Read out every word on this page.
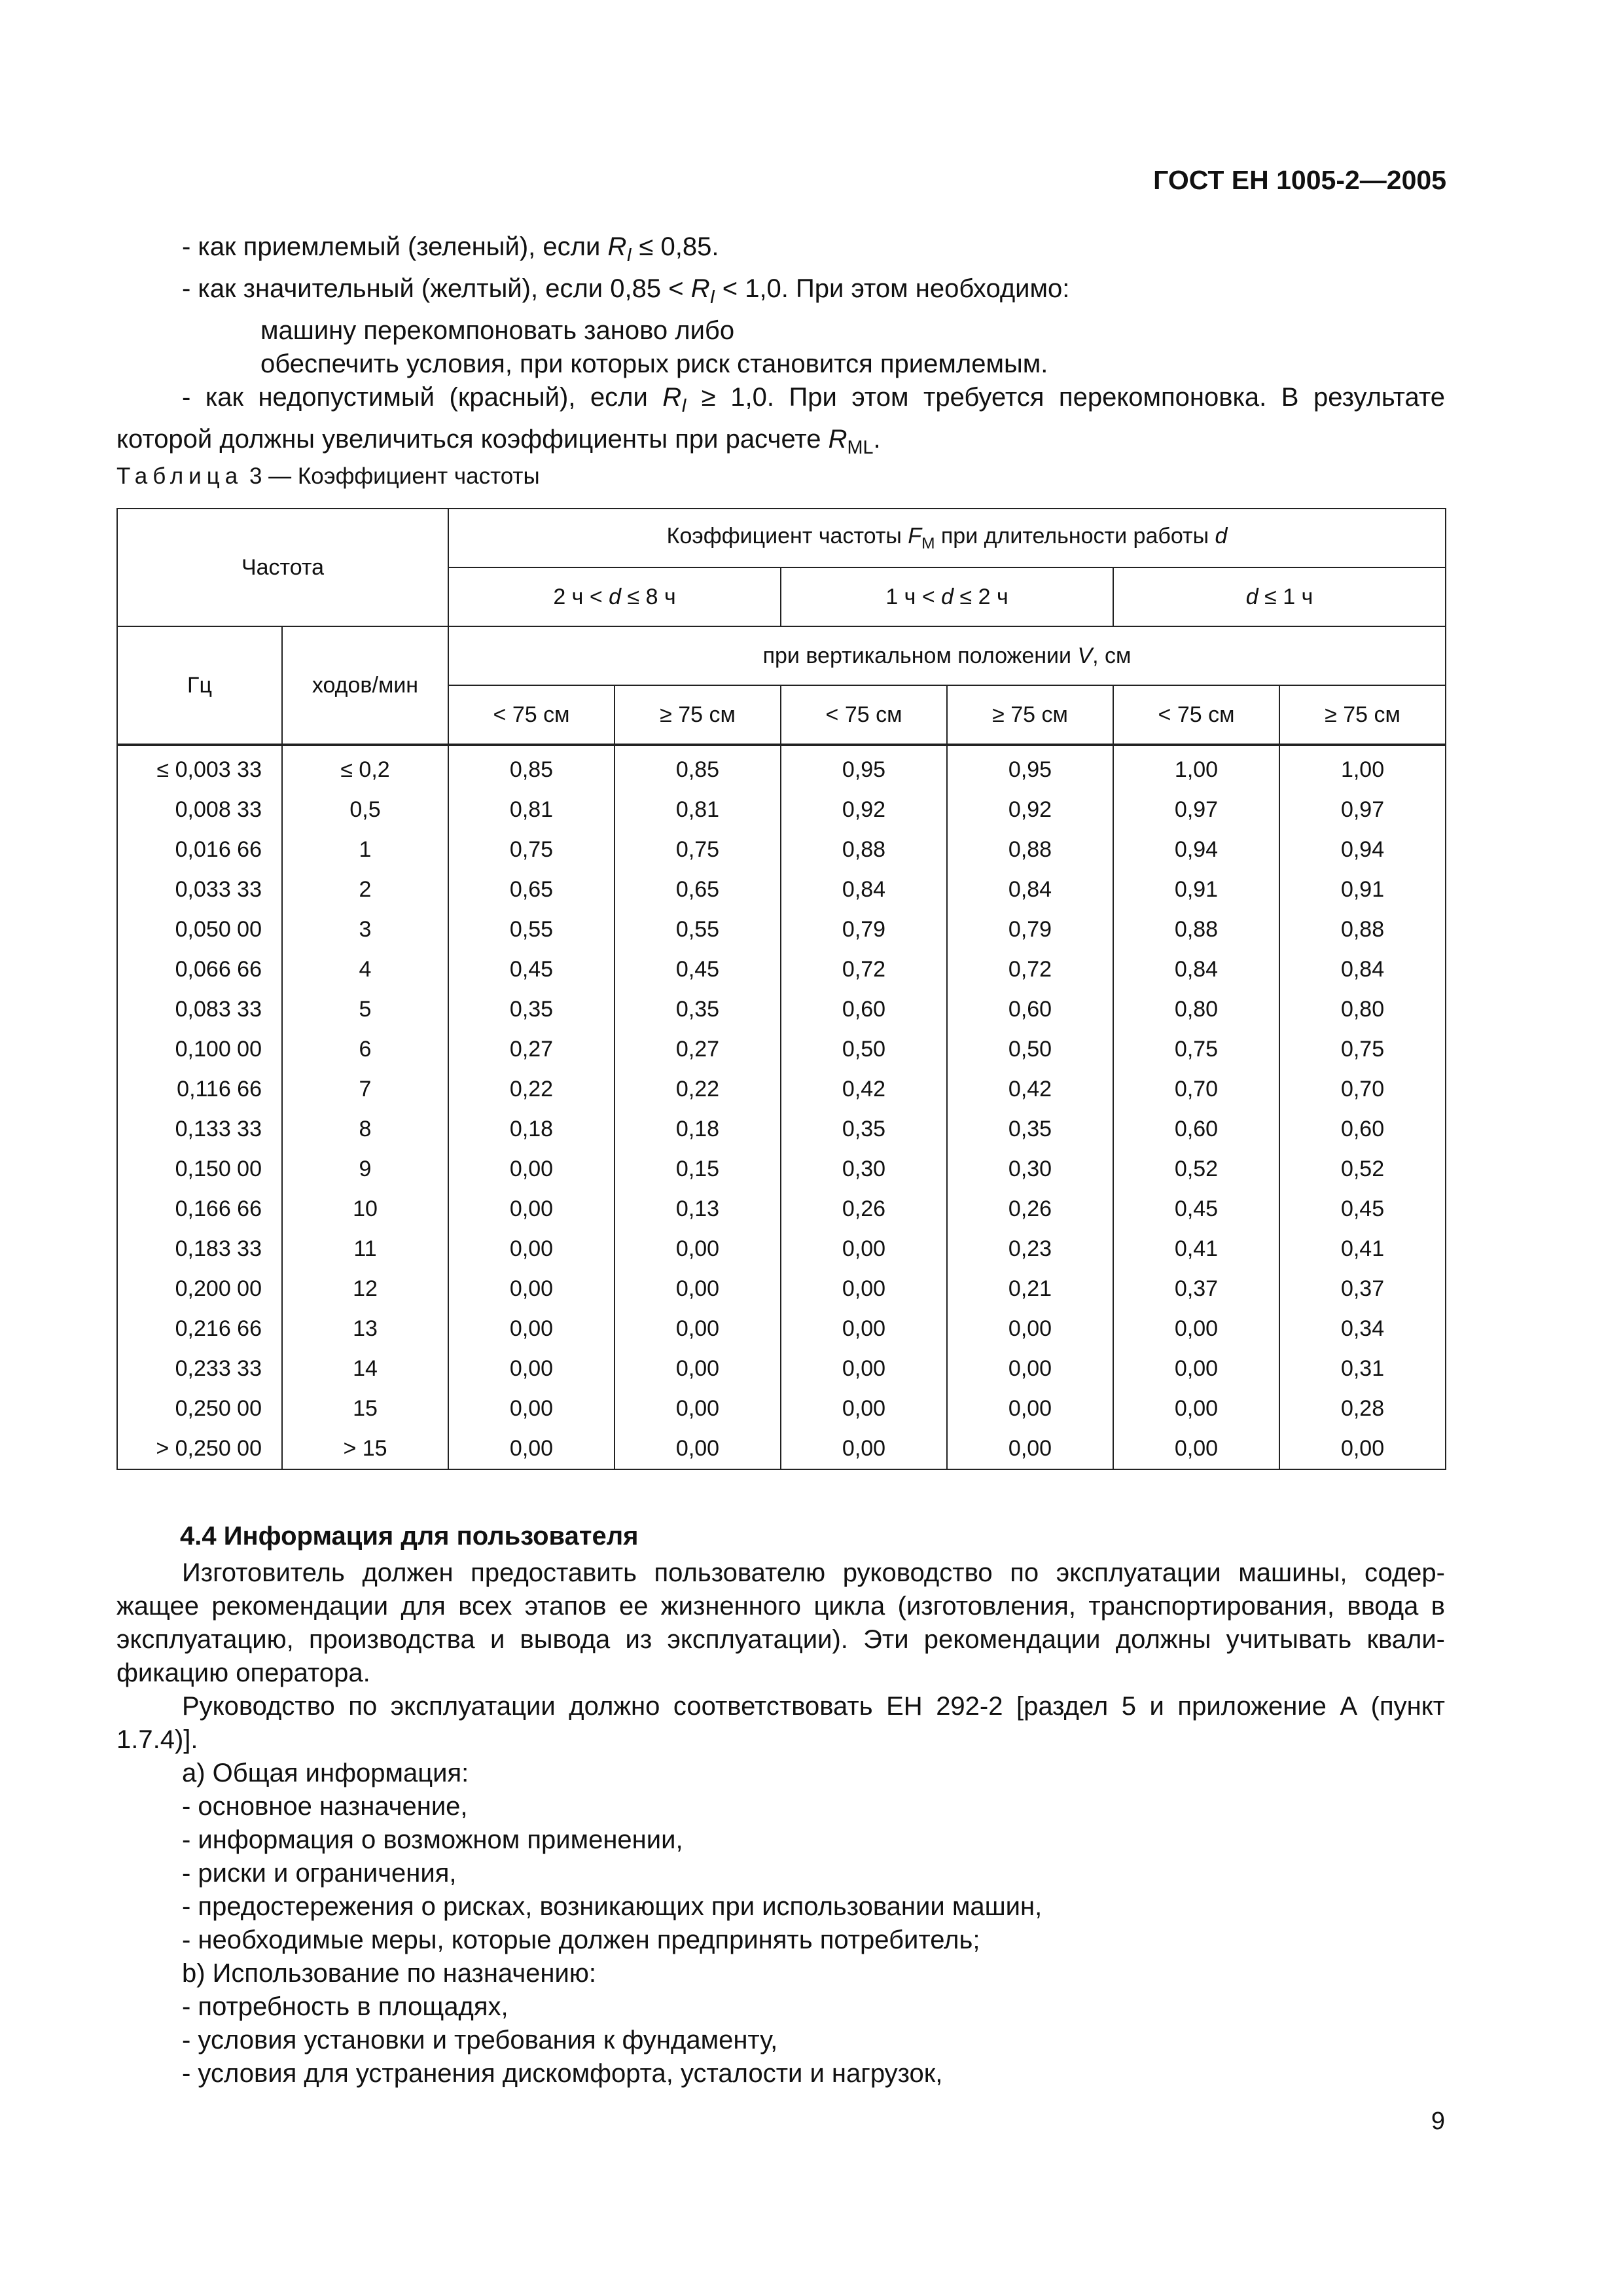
ГОСТ ЕН 1005-2—2005

- как приемлемый (зеленый), если $R_I \le 0,85$.

- как значительный (желтый), если $0,85 < R_I < 1,0$. При этом необходимо:

машину перекомпоновать заново либо

обеспечить условия, при которых риск становится приемлемым.

- как недопустимый (красный), если $R_I \ge 1,0$. При этом требуется перекомпоновка. В результате которой должны увеличиться коэффициенты при расчете $R_{ML}$.

Таблица 3 — Коэффициент частоты
Частота		Коэффициент частоты $F_M$ при длительности работы d					
		2 ч < d ≤ 8 ч		1 ч < d ≤ 2 ч		d ≤ 1 ч	
Гц	ходов/мин	при вертикальном положении V, см					
		< 75 см	≥ 75 см	< 75 см	≥ 75 см	< 75 см	≥ 75 см
≤ 0,003 33	≤ 0,2	0,85	0,85	0,95	0,95	1,00	1,00
0,008 33	0,5	0,81	0,81	0,92	0,92	0,97	0,97
0,016 66	1	0,75	0,75	0,88	0,88	0,94	0,94
0,033 33	2	0,65	0,65	0,84	0,84	0,91	0,91
0,050 00	3	0,55	0,55	0,79	0,79	0,88	0,88
0,066 66	4	0,45	0,45	0,72	0,72	0,84	0,84
0,083 33	5	0,35	0,35	0,60	0,60	0,80	0,80
0,100 00	6	0,27	0,27	0,50	0,50	0,75	0,75
0,116 66	7	0,22	0,22	0,42	0,42	0,70	0,70
0,133 33	8	0,18	0,18	0,35	0,35	0,60	0,60
0,150 00	9	0,00	0,15	0,30	0,30	0,52	0,52
0,166 66	10	0,00	0,13	0,26	0,26	0,45	0,45
0,183 33	11	0,00	0,00	0,00	0,23	0,41	0,41
0,200 00	12	0,00	0,00	0,00	0,21	0,37	0,37
0,216 66	13	0,00	0,00	0,00	0,00	0,00	0,34
0,233 33	14	0,00	0,00	0,00	0,00	0,00	0,31
0,250 00	15	0,00	0,00	0,00	0,00	0,00	0,28
> 0,250 00	> 15	0,00	0,00	0,00	0,00	0,00	0,00
4.4 Информация для пользователя

Изготовитель должен предоставить пользователю руководство по эксплуатации машины, содер-жащее рекомендации для всех этапов ее жизненного цикла (изготовления, транспортирования, ввода в эксплуатацию, производства и вывода из эксплуатации). Эти рекомендации должны учитывать квали-фикацию оператора.

Руководство по эксплуатации должно соответствовать ЕН 292-2 [раздел 5 и приложение А (пункт 1.7.4)].

а) Общая информация:

- основное назначение,

- информация о возможном применении,

- риски и ограничения,

- предостережения о рисках, возникающих при использовании машин,

- необходимые меры, которые должен предпринять потребитель;

b) Использование по назначению:

- потребность в площадях,

- условия установки и требования к фундаменту,

- условия для устранения дискомфорта, усталости и нагрузок,

9
